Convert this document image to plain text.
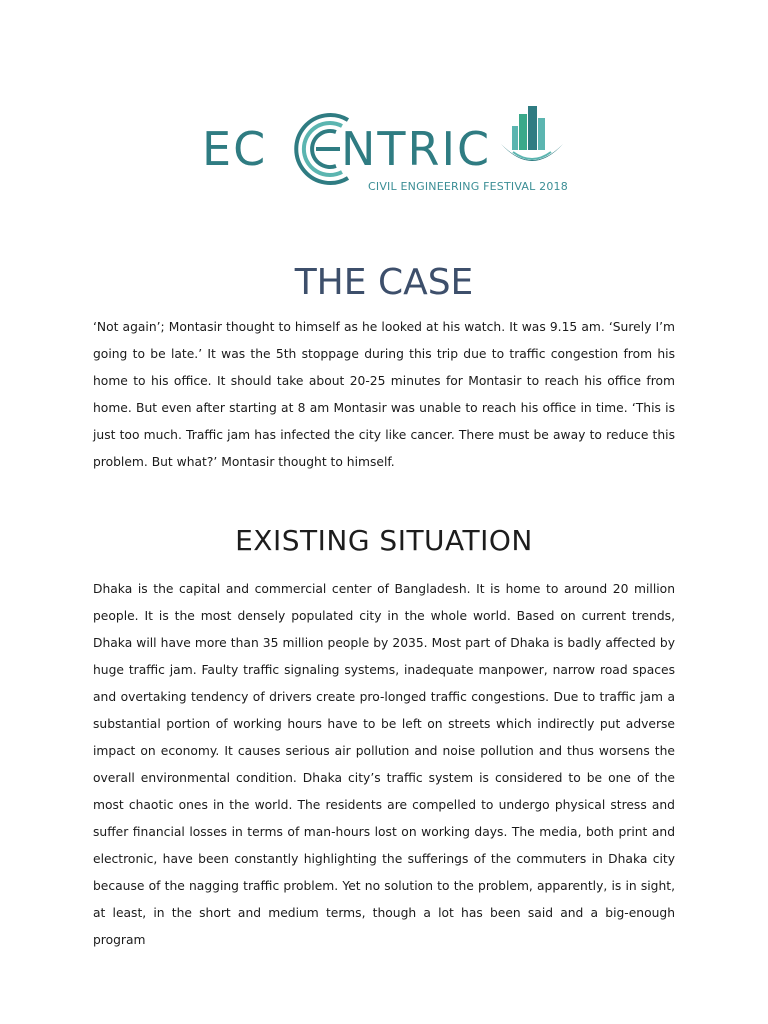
EC NTRIC
CIVIL ENGINEERING FESTIVAL 2018
THE CASE

‘Not again’; Montasir thought to himself as he looked at his watch. It was 9.15 am. ‘Surely I’m going to be late.’ It was the 5th stoppage during this trip due to traffic congestion from his home to his office. It should take about 20-25 minutes for Montasir to reach his office from home. But even after starting at 8 am Montasir was unable to reach his office in time. ‘This is just too much. Traffic jam has infected the city like cancer. There must be away to reduce this problem. But what?’ Montasir thought to himself.

EXISTING SITUATION

Dhaka is the capital and commercial center of Bangladesh. It is home to around 20 million people. It is the most densely populated city in the whole world. Based on current trends, Dhaka will have more than 35 million people by 2035. Most part of Dhaka is badly affected by huge traffic jam. Faulty traffic signaling systems, inadequate manpower, narrow road spaces and overtaking tendency of drivers create pro-longed traffic congestions. Due to traffic jam a substantial portion of working hours have to be left on streets which indirectly put adverse impact on economy. It causes serious air pollution and noise pollution and thus worsens the overall environmental condition. Dhaka city’s traffic system is considered to be one of the most chaotic ones in the world. The residents are compelled to undergo physical stress and suffer financial losses in terms of man-hours lost on working days. The media, both print and electronic, have been constantly highlighting the sufferings of the commuters in Dhaka city because of the nagging traffic problem. Yet no solution to the problem, apparently, is in sight, at least, in the short and medium terms, though a lot has been said and a big-enough program
